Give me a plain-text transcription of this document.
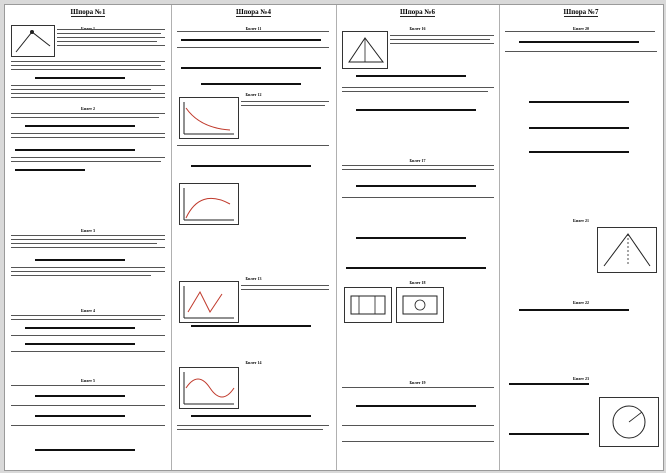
Шпора №1
Билет 2
Билет 3
Билет 4
Билет 5
Шпора №4
Билет 11
Билет 12
Билет 13
Билет 14
Шпора №6
Билет 16
Билет 17
Билет 18
Билет 19
Шпора №7
Билет 20
Билет 21
Билет 22
Билет 23
